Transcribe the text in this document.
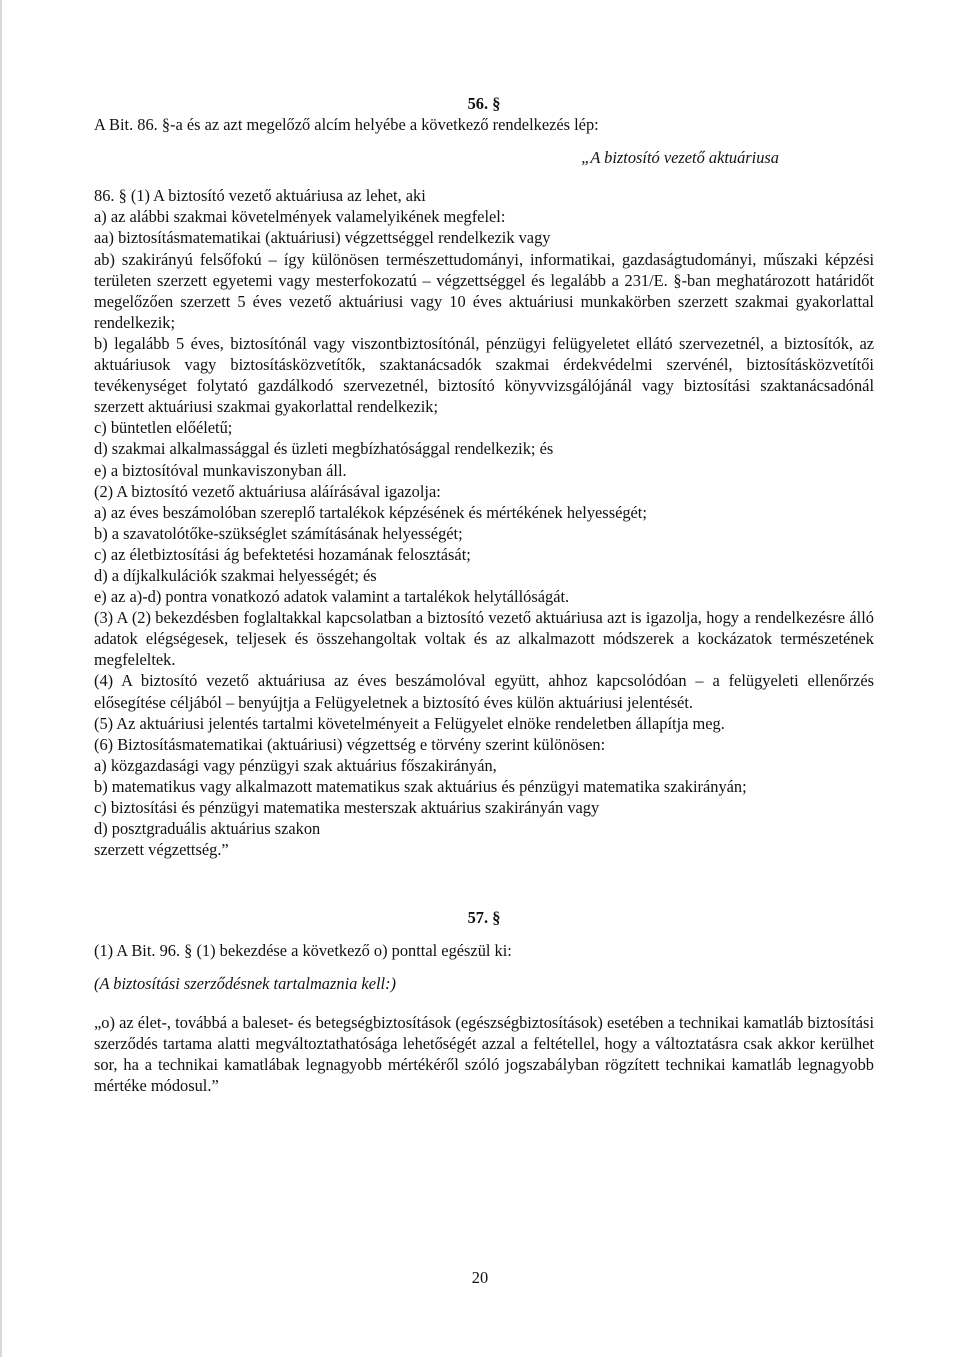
56. §
A Bit. 86. §-a és az azt megelőző alcím helyébe a következő rendelkezés lép:
„A biztosító vezető aktuáriusa
86. § (1) A biztosító vezető aktuáriusa az lehet, aki
a) az alábbi szakmai követelmények valamelyikének megfelel:
aa) biztosításmatematikai (aktuáriusi) végzettséggel rendelkezik vagy
ab) szakirányú felsőfokú – így különösen természettudományi, informatikai, gazdaságtudományi, műszaki képzési területen szerzett egyetemi vagy mesterfokozatú – végzettséggel és legalább a 231/E. §-ban meghatározott határidőt megelőzően szerzett 5 éves vezető aktuáriusi vagy 10 éves aktuáriusi munkakörben szerzett szakmai gyakorlattal rendelkezik;
b) legalább 5 éves, biztosítónál vagy viszontbiztosítónál, pénzügyi felügyeletet ellátó szervezetnél, a biztosítók, az aktuáriusok vagy biztosításközvetítők, szaktanácsadók szakmai érdekvédelmi szervénél, biztosításközvetítői tevékenységet folytató gazdálkodó szervezetnél, biztosító könyvvizsgálójánál vagy biztosítási szaktanácsadónál szerzett aktuáriusi szakmai gyakorlattal rendelkezik;
c) büntetlen előéletű;
d) szakmai alkalmassággal és üzleti megbízhatósággal rendelkezik; és
e) a biztosítóval munkaviszonyban áll.
(2) A biztosító vezető aktuáriusa aláírásával igazolja:
a) az éves beszámolóban szereplő tartalékok képzésének és mértékének helyességét;
b) a szavatolótőke-szükséglet számításának helyességét;
c) az életbiztosítási ág befektetési hozamának felosztását;
d) a díjkalkulációk szakmai helyességét; és
e) az a)-d) pontra vonatkozó adatok valamint a tartalékok helytállóságát.
(3) A (2) bekezdésben foglaltakkal kapcsolatban a biztosító vezető aktuáriusa azt is igazolja, hogy a rendelkezésre álló adatok elégségesek, teljesek és összehangoltak voltak és az alkalmazott módszerek a kockázatok természetének megfeleltek.
(4) A biztosító vezető aktuáriusa az éves beszámolóval együtt, ahhoz kapcsolódóan – a felügyeleti ellenőrzés elősegítése céljából – benyújtja a Felügyeletnek a biztosító éves külön aktuáriusi jelentését.
(5) Az aktuáriusi jelentés tartalmi követelményeit a Felügyelet elnöke rendeletben állapítja meg.
(6) Biztosításmatematikai (aktuáriusi) végzettség e törvény szerint különösen:
a) közgazdasági vagy pénzügyi szak aktuárius főszakirányán,
b) matematikus vagy alkalmazott matematikus szak aktuárius és pénzügyi matematika szakirányán;
c) biztosítási és pénzügyi matematika mesterszak aktuárius szakirányán vagy
d) posztgraduális aktuárius szakon
szerzett végzettség.”
57. §
(1) A Bit. 96. § (1) bekezdése a következő o) ponttal egészül ki:
(A biztosítási szerződésnek tartalmaznia kell:)
„o) az élet-, továbbá a baleset- és betegségbiztosítások (egészségbiztosítások) esetében a technikai kamatláb biztosítási szerződés tartama alatti megváltoztathatósága lehetőségét azzal a feltétellel, hogy a változtatásra csak akkor kerülhet sor, ha a technikai kamatlábak legnagyobb mértékéről szóló jogszabályban rögzített technikai kamatláb legnagyobb mértéke módosul.”
20
